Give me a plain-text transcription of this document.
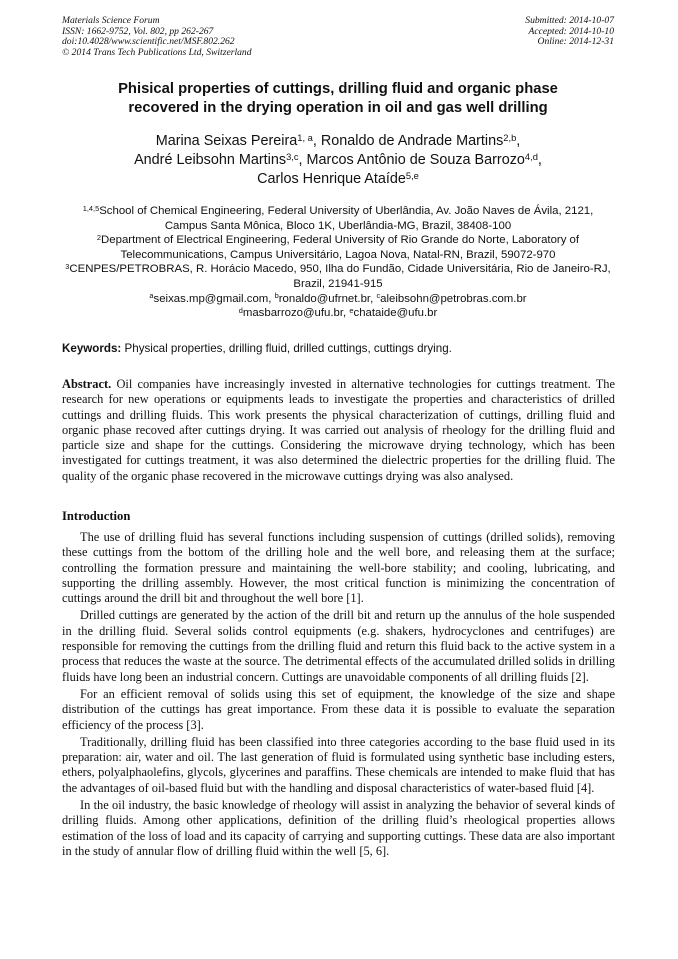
Materials Science Forum
ISSN: 1662-9752, Vol. 802, pp 262-267
doi:10.4028/www.scientific.net/MSF.802.262
© 2014 Trans Tech Publications Ltd, Switzerland
Submitted: 2014-10-07
Accepted: 2014-10-10
Online: 2014-12-31
Phisical properties of cuttings, drilling fluid and organic phase
recovered in the drying operation in oil and gas well drilling
Marina Seixas Pereira$^{1, a}$, Ronaldo de Andrade Martins$^{2,b}$,
André Leibsohn Martins$^{3,c}$, Marcos Antônio de Souza Barrozo$^{4,d}$,
Carlos Henrique Ataíde$^{5,e}$
$^{1,4,5}$School of Chemical Engineering, Federal University of Uberlândia, Av. João Naves de Ávila, 2121, Campus Santa Mônica, Bloco 1K, Uberlândia-MG, Brazil, 38408-100
$^2$Department of Electrical Engineering, Federal University of Rio Grande do Norte, Laboratory of Telecommunications, Campus Universitário, Lagoa Nova, Natal-RN, Brazil, 59072-970
$^3$CENPES/PETROBRAS, R. Horácio Macedo, 950, Ilha do Fundão, Cidade Universitária, Rio de Janeiro-RJ, Brazil, 21941-915
$^a$seixas.mp@gmail.com, $^b$ronaldo@ufrnet.br, $^c$aleibsohn@petrobras.com.br
$^d$masbarrozo@ufu.br, $^e$chataide@ufu.br
Keywords: Physical properties, drilling fluid, drilled cuttings, cuttings drying.
Abstract. Oil companies have increasingly invested in alternative technologies for cuttings treatment. The research for new operations or equipments leads to investigate the properties and characteristics of drilled cuttings and drilling fluids. This work presents the physical characterization of cuttings, drilling fluid and organic phase recoved after cuttings drying. It was carried out analysis of rheology for the drilling fluid and particle size and shape for the cuttings. Considering the microwave drying technology, which has been investigated for cuttings treatment, it was also determined the dielectric properties for the drilling fluid. The quality of the organic phase recovered in the microwave cuttings drying was also analysed.
Introduction

The use of drilling fluid has several functions including suspension of cuttings (drilled solids), removing these cuttings from the bottom of the drilling hole and the well bore, and releasing them at the surface; controlling the formation pressure and maintaining the well-bore stability; and cooling, lubricating, and supporting the drilling assembly. However, the most critical function is minimizing the concentration of cuttings around the drill bit and throughout the well bore [1].

Drilled cuttings are generated by the action of the drill bit and return up the annulus of the hole suspended in the drilling fluid. Several solids control equipments (e.g. shakers, hydrocyclones and centrifuges) are responsible for removing the cuttings from the drilling fluid and return this fluid back to the active system in a process that reduces the waste at the source. The detrimental effects of the accumulated drilled solids in drilling fluids have long been an industrial concern. Cuttings are unavoidable components of all drilling fluids [2].

For an efficient removal of solids using this set of equipment, the knowledge of the size and shape distribution of the cuttings has great importance. From these data it is possible to evaluate the separation efficiency of the process [3].

Traditionally, drilling fluid has been classified into three categories according to the base fluid used in its preparation: air, water and oil. The last generation of fluid is formulated using synthetic base including esters, ethers, polyalphaolefins, glycols, glycerines and paraffins. These chemicals are intended to make fluid that has the advantages of oil-based fluid but with the handling and disposal characteristics of water-based fluid [4].

In the oil industry, the basic knowledge of rheology will assist in analyzing the behavior of several kinds of drilling fluids. Among other applications, definition of the drilling fluid’s rheological properties allows estimation of the loss of load and its capacity of carrying and supporting cuttings. These data are also important in the study of annular flow of drilling fluid within the well [5, 6].
